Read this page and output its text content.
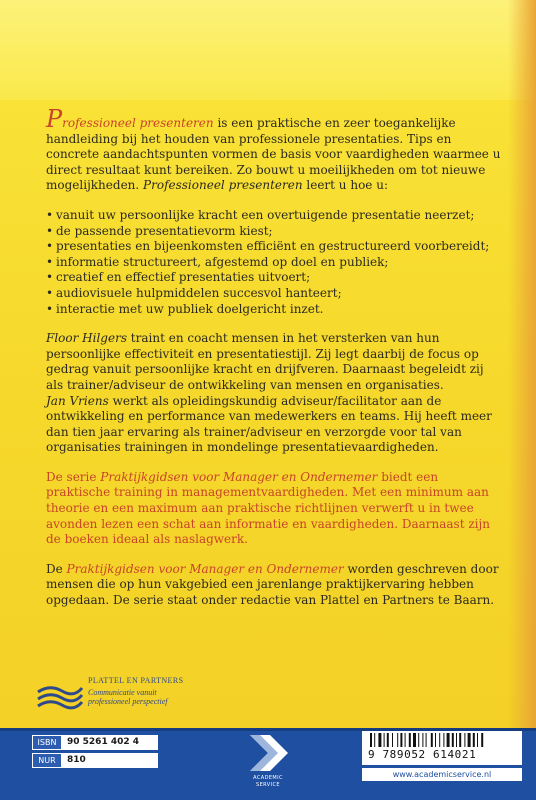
Professioneel presenteren is een praktische en zeer toegankelijke handleiding bij het houden van professionele presentaties. Tips en concrete aandachtspunten vormen de basis voor vaardigheden waarmee u direct resultaat kunt bereiken. Zo bouwt u moeilijkheden om tot nieuwe mogelijkheden. Professioneel presenteren leert u hoe u:

• vanuit uw persoonlijke kracht een overtuigende presentatie neerzet;
• de passende presentatievorm kiest;
• presentaties en bijeenkomsten efficiënt en gestructureerd voorbereidt;
• informatie structureert, afgestemd op doel en publiek;
• creatief en effectief presentaties uitvoert;
• audiovisuele hulpmiddelen succesvol hanteert;
• interactie met uw publiek doelgericht inzet.

Floor Hilgers traint en coacht mensen in het versterken van hun persoonlijke effectiviteit en presentatiestijl. Zij legt daarbij de focus op gedrag vanuit persoonlijke kracht en drijfveren. Daarnaast begeleidt zij als trainer/adviseur de ontwikkeling van mensen en organisaties.

Jan Vriens werkt als opleidingskundig adviseur/facilitator aan de ontwikkeling en performance van medewerkers en teams. Hij heeft meer dan tien jaar ervaring als trainer/adviseur en verzorgde voor tal van organisaties trainingen in mondelinge presentatievaardigheden.

De serie Praktijkgidsen voor Manager en Ondernemer biedt een praktische training in managementvaardigheden. Met een minimum aan theorie en een maximum aan praktische richtlijnen verwerft u in twee avonden lezen een schat aan informatie en vaardigheden. Daarnaast zijn de boeken ideaal als naslagwerk.

De Praktijkgidsen voor Manager en Ondernemer worden geschreven door mensen die op hun vakgebied een jarenlange praktijkervaring hebben opgedaan. De serie staat onder redactie van Plattel en Partners te Baarn.

PLATTEL EN PARTNERS
Communicatie vanuit professioneel perspectief
ISBN 90 5261 402 4
NUR 810
ACADEMIC
SERVICE
9 789052 614021
www.academicservice.nl
